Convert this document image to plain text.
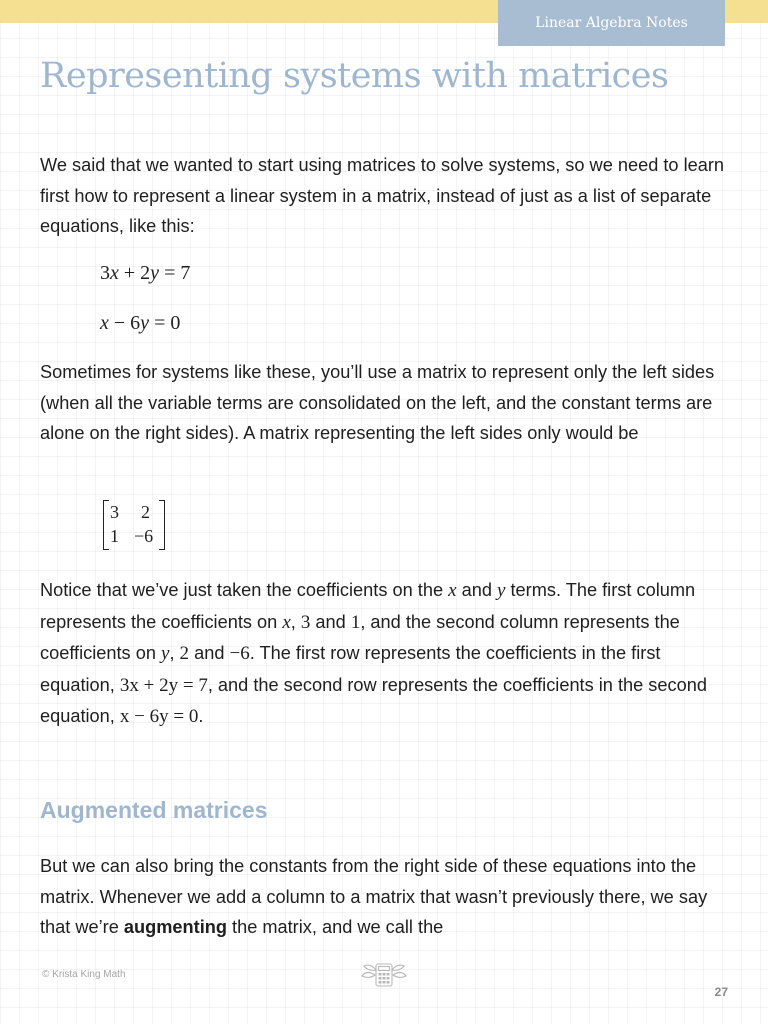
Linear Algebra Notes
Representing systems with matrices

We said that we wanted to start using matrices to solve systems, so we need to learn first how to represent a linear system in a matrix, instead of just as a list of separate equations, like this:

3x + 2y = 7

x − 6y = 0

Sometimes for systems like these, you’ll use a matrix to represent only the left sides (when all the variable terms are consolidated on the left, and the constant terms are alone on the right sides). A matrix representing the left sides only would be

3 2
1 −6

Notice that we’ve just taken the coefficients on the x and y terms. The first column represents the coefficients on x, 3 and 1, and the second column represents the coefficients on y, 2 and −6. The first row represents the coefficients in the first equation, 3x + 2y = 7, and the second row represents the coefficients in the second equation, x − 6y = 0.

Augmented matrices

But we can also bring the constants from the right side of these equations into the matrix. Whenever we add a column to a matrix that wasn’t previously there, we say that we’re augmenting the matrix, and we call the

© Krista King Math
27
